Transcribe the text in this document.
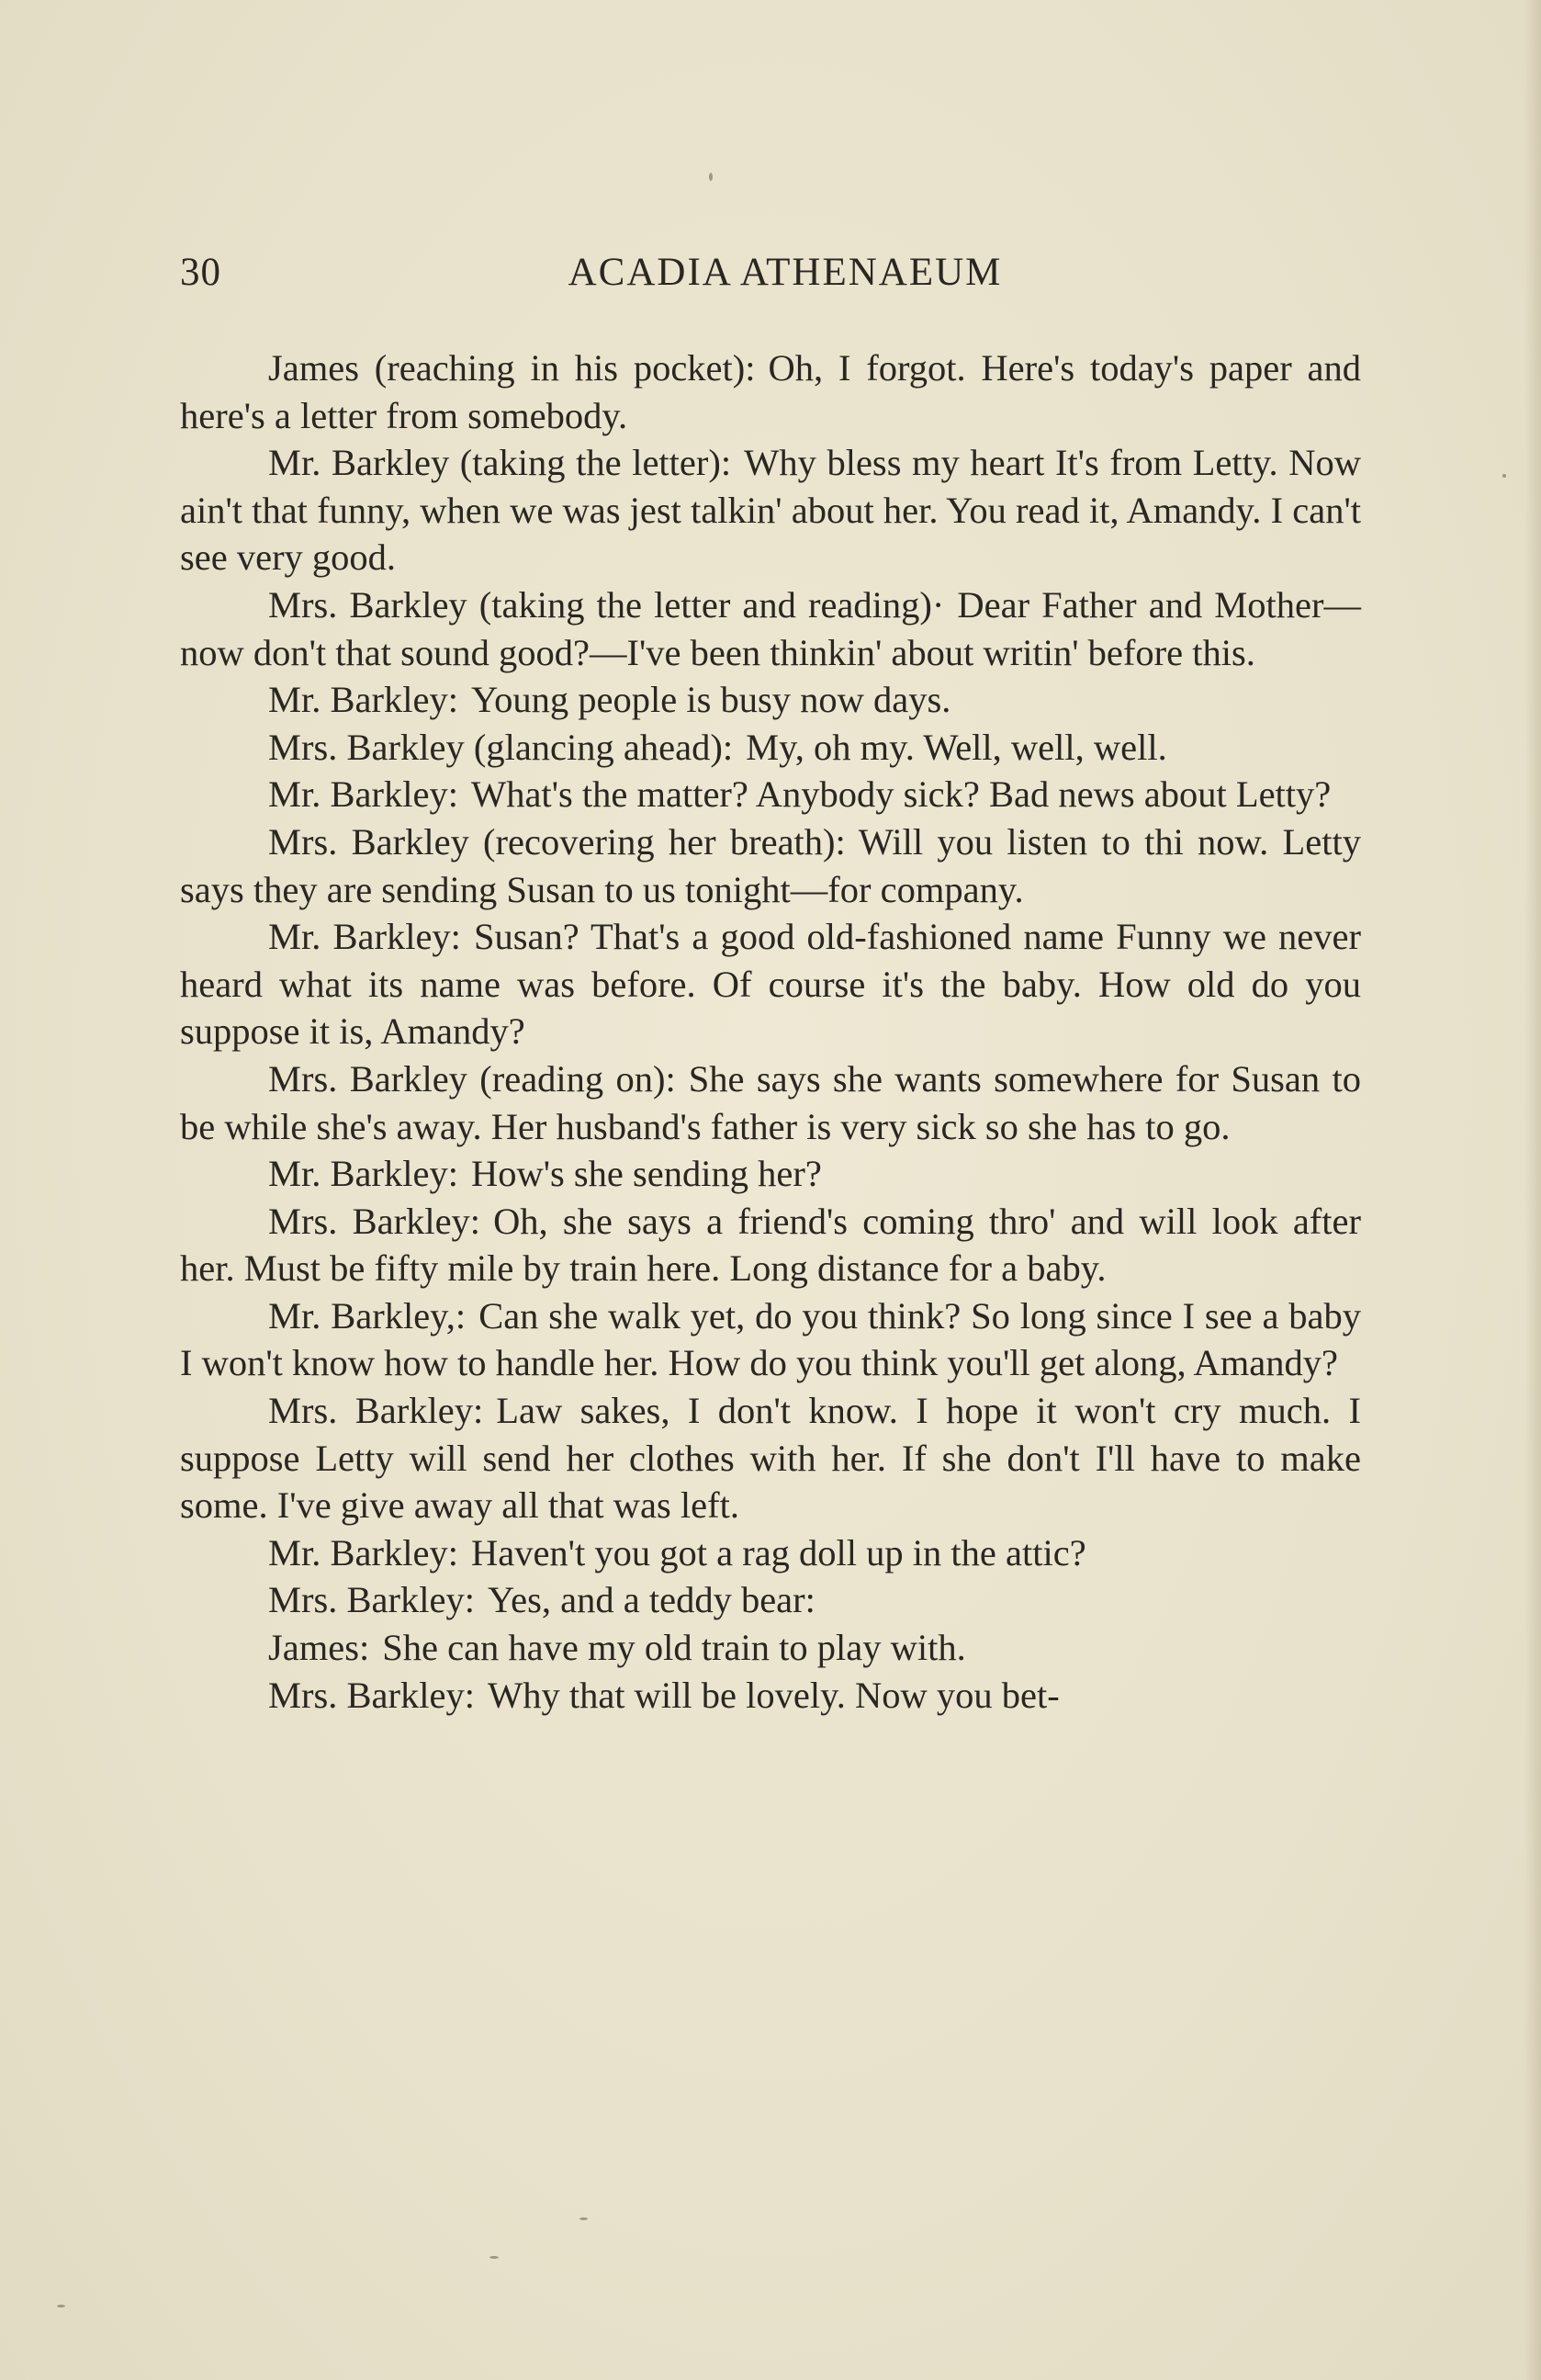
30	ACADIA ATHENAEUM

James (reaching in his pocket): Oh, I forgot. Here's today's paper and here's a letter from somebody.

Mr. Barkley (taking the letter): Why bless my heart It's from Letty. Now ain't that funny, when we was jest talkin' about her. You read it, Amandy. I can't see very good.

Mrs. Barkley (taking the letter and reading)· Dear Father and Mother—now don't that sound good?—I've been thinkin' about writin' before this.

Mr. Barkley: Young people is busy now days.

Mrs. Barkley (glancing ahead): My, oh my. Well, well, well.

Mr. Barkley: What's the matter? Anybody sick? Bad news about Letty?

Mrs. Barkley (recovering her breath): Will you listen to thi now. Letty says they are sending Susan to us tonight—for company.

Mr. Barkley: Susan? That's a good old-fashioned name Funny we never heard what its name was before. Of course it's the baby. How old do you suppose it is, Amandy?

Mrs. Barkley (reading on): She says she wants somewhere for Susan to be while she's away. Her husband's father is very sick so she has to go.

Mr. Barkley: How's she sending her?

Mrs. Barkley: Oh, she says a friend's coming thro' and will look after her. Must be fifty mile by train here. Long distance for a baby.

Mr. Barkley,: Can she walk yet, do you think? So long since I see a baby I won't know how to handle her. How do you think you'll get along, Amandy?

Mrs. Barkley: Law sakes, I don't know. I hope it won't cry much. I suppose Letty will send her clothes with her. If she don't I'll have to make some. I've give away all that was left.

Mr. Barkley: Haven't you got a rag doll up in the attic?

Mrs. Barkley: Yes, and a teddy bear:

James: She can have my old train to play with.

Mrs. Barkley: Why that will be lovely. Now you bet-
